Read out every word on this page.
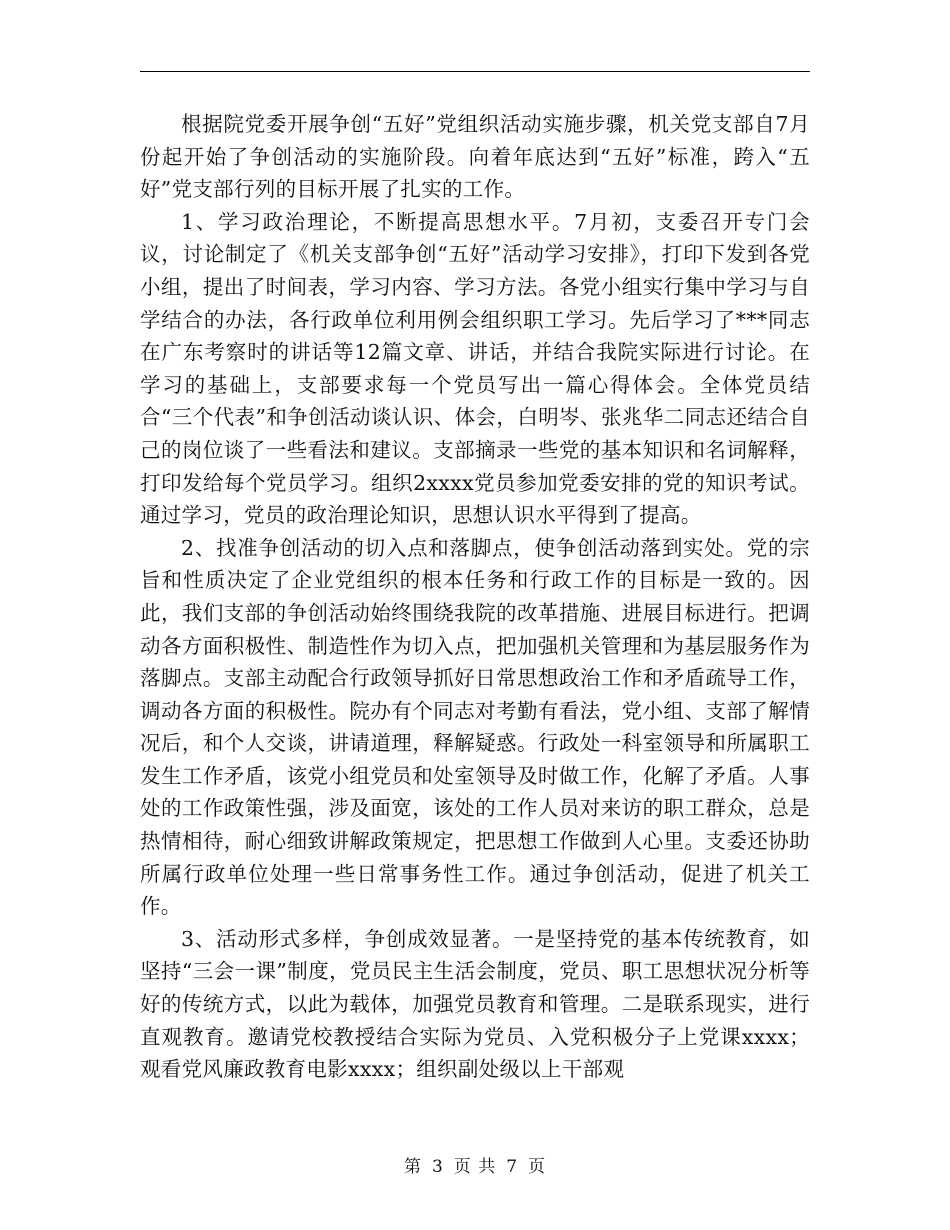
根据院党委开展争创“五好”党组织活动实施步骤，机关党支部自7月份起开始了争创活动的实施阶段。向着年底达到“五好”标准，跨入“五好”党支部行列的目标开展了扎实的工作。

1、学习政治理论，不断提高思想水平。7月初，支委召开专门会议，讨论制定了《机关支部争创“五好”活动学习安排》，打印下发到各党小组，提出了时间表，学习内容、学习方法。各党小组实行集中学习与自学结合的办法，各行政单位利用例会组织职工学习。先后学习了***同志在广东考察时的讲话等12篇文章、讲话，并结合我院实际进行讨论。在学习的基础上，支部要求每一个党员写出一篇心得体会。全体党员结合“三个代表”和争创活动谈认识、体会，白明岑、张兆华二同志还结合自己的岗位谈了一些看法和建议。支部摘录一些党的基本知识和名词解释，打印发给每个党员学习。组织2xxxx党员参加党委安排的党的知识考试。通过学习，党员的政治理论知识，思想认识水平得到了提高。

2、找准争创活动的切入点和落脚点，使争创活动落到实处。党的宗旨和性质决定了企业党组织的根本任务和行政工作的目标是一致的。因此，我们支部的争创活动始终围绕我院的改革措施、进展目标进行。把调动各方面积极性、制造性作为切入点，把加强机关管理和为基层服务作为落脚点。支部主动配合行政领导抓好日常思想政治工作和矛盾疏导工作，调动各方面的积极性。院办有个同志对考勤有看法，党小组、支部了解情况后，和个人交谈，讲请道理，释解疑惑。行政处一科室领导和所属职工发生工作矛盾，该党小组党员和处室领导及时做工作，化解了矛盾。人事处的工作政策性强，涉及面宽，该处的工作人员对来访的职工群众，总是热情相待，耐心细致讲解政策规定，把思想工作做到人心里。支委还协助所属行政单位处理一些日常事务性工作。通过争创活动，促进了机关工作。

3、活动形式多样，争创成效显著。一是坚持党的基本传统教育，如坚持“三会一课”制度，党员民主生活会制度，党员、职工思想状况分析等好的传统方式，以此为载体，加强党员教育和管理。二是联系现实，进行直观教育。邀请党校教授结合实际为党员、入党积极分子上党课xxxx；观看党风廉政教育电影xxxx；组织副处级以上干部观

第 3 页 共 7 页
